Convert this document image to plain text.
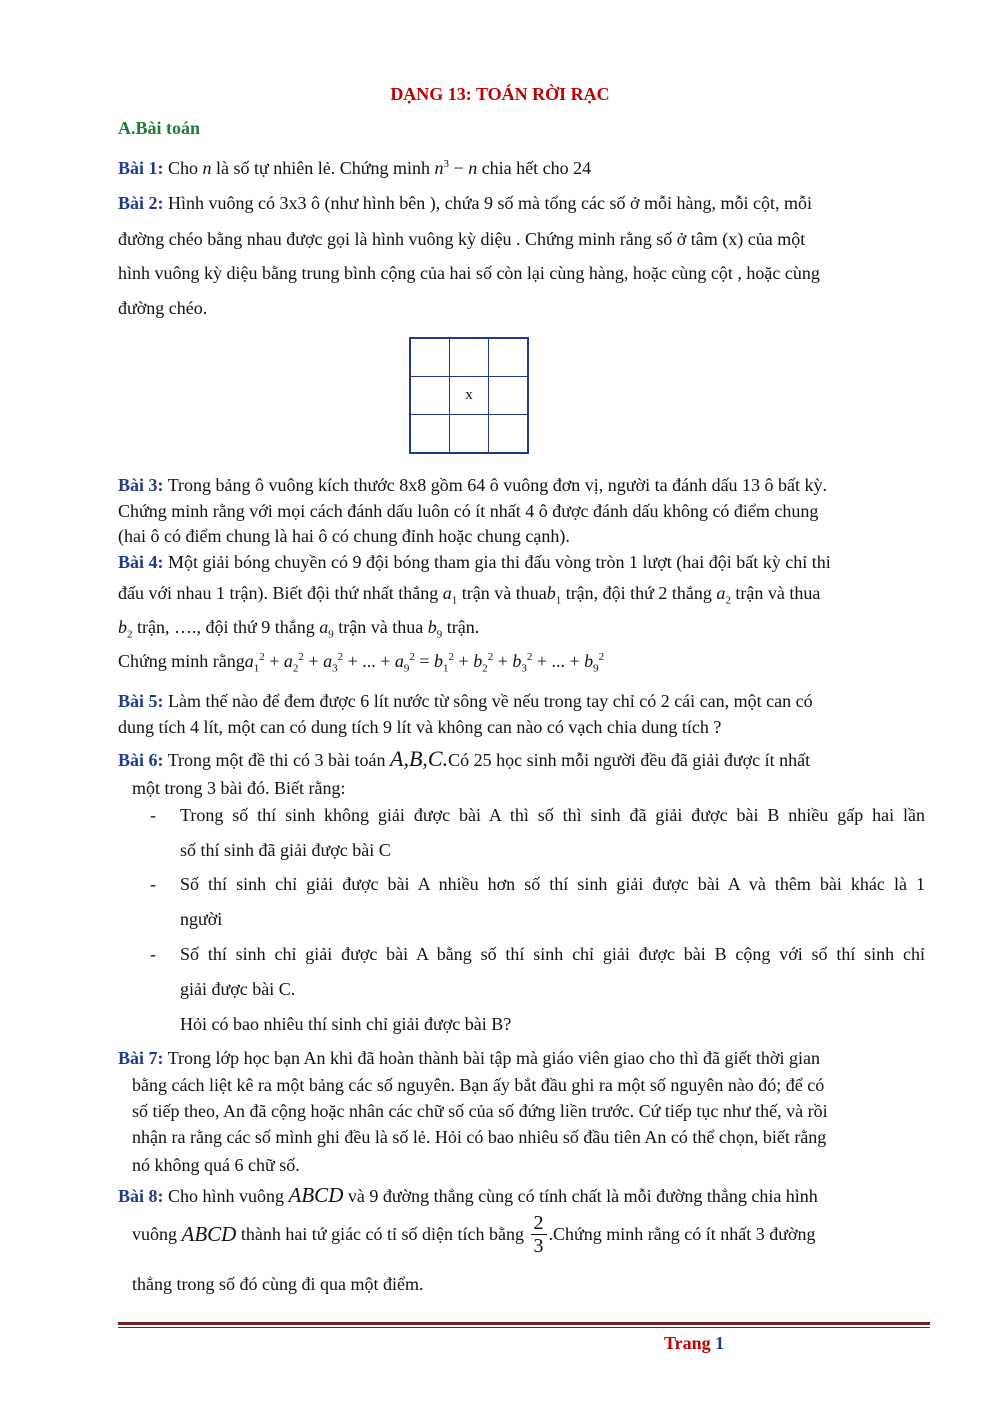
DẠNG 13: TOÁN RỜI RẠC
A.Bài toán

Bài 1: Cho n là số tự nhiên lẻ. Chứng minh $n^3 - n$ chia hết cho 24

Bài 2: Hình vuông có 3x3 ô (như hình bên ), chứa 9 số mà tổng các số ở mỗi hàng, mỗi cột, mỗi

đường chéo bằng nhau được gọi là hình vuông kỳ diệu . Chứng minh rằng số ở tâm (x) của một

hình vuông kỳ diệu bằng trung bình cộng của hai số còn lại cùng hàng, hoặc cùng cột , hoặc cùng

đường chéo.

	x	

Bài 3: Trong bảng ô vuông kích thước 8x8 gồm 64 ô vuông đơn vị, người ta đánh dấu 13 ô bất kỳ.

Chứng minh rằng với mọi cách đánh dấu luôn có ít nhất 4 ô được đánh dấu không có điểm chung

(hai ô có điểm chung là hai ô có chung đỉnh hoặc chung cạnh).

Bài 4: Một giải bóng chuyền có 9 đội bóng tham gia thi đấu vòng tròn 1 lượt (hai đội bất kỳ chỉ thi

đấu với nhau 1 trận). Biết đội thứ nhất thắng $a_1$ trận và thuab$_1$ trận, đội thứ 2 thắng $a_2$ trận và thua

$b_2$ trận, …., đội thứ 9 thắng $a_9$ trận và thua $b_9$ trận.

Chứng minh rằnga$_1^2$ + $a_2^2 + a_3^2$ + ... + $a_9^2 = b_1^2 + b_2^2 + b_3^2$ + ... + $b_9^2$

Bài 5: Làm thế nào để đem được 6 lít nước từ sông về nếu trong tay chỉ có 2 cái can, một can có

dung tích 4 lít, một can có dung tích 9 lít và không can nào có vạch chia dung tích ?

Bài 6: Trong một đề thi có 3 bài toán A,B,C.Có 25 học sinh mỗi người đều đã giải được ít nhất

một trong 3 bài đó. Biết rằng:

- Trong số thí sinh không giải được bài A thì số thì sinh đã giải được bài B nhiều gấp hai lần

số thí sinh đã giải được bài C

- Số thí sinh chỉ giải được bài A nhiều hơn số thí sinh giải được bài A và thêm bài khác là 1

người

- Số thí sinh chỉ giải được bài A bằng số thí sinh chỉ giải được bài B cộng với số thí sinh chỉ

giải được bài C.

Hỏi có bao nhiêu thí sinh chỉ giải được bài B?

Bài 7: Trong lớp học bạn An khi đã hoàn thành bài tập mà giáo viên giao cho thì đã giết thời gian

bằng cách liệt kê ra một bảng các số nguyên. Bạn ấy bắt đầu ghi ra một số nguyên nào đó; để có

số tiếp theo, An đã cộng hoặc nhân các chữ số của số đứng liền trước. Cứ tiếp tục như thế, và rồi

nhận ra rằng các số mình ghi đều là số lẻ. Hỏi có bao nhiêu số đầu tiên An có thể chọn, biết rằng

nó không quá 6 chữ số.

Bài 8: Cho hình vuông ABCD và 9 đường thẳng cùng có tính chất là mỗi đường thẳng chia hình

vuông ABCD thành hai tứ giác có tỉ số diện tích bằng $\frac{2}{3}$ .Chứng minh rằng có ít nhất 3 đường

thẳng trong số đó cùng đi qua một điểm.

Trang 1
